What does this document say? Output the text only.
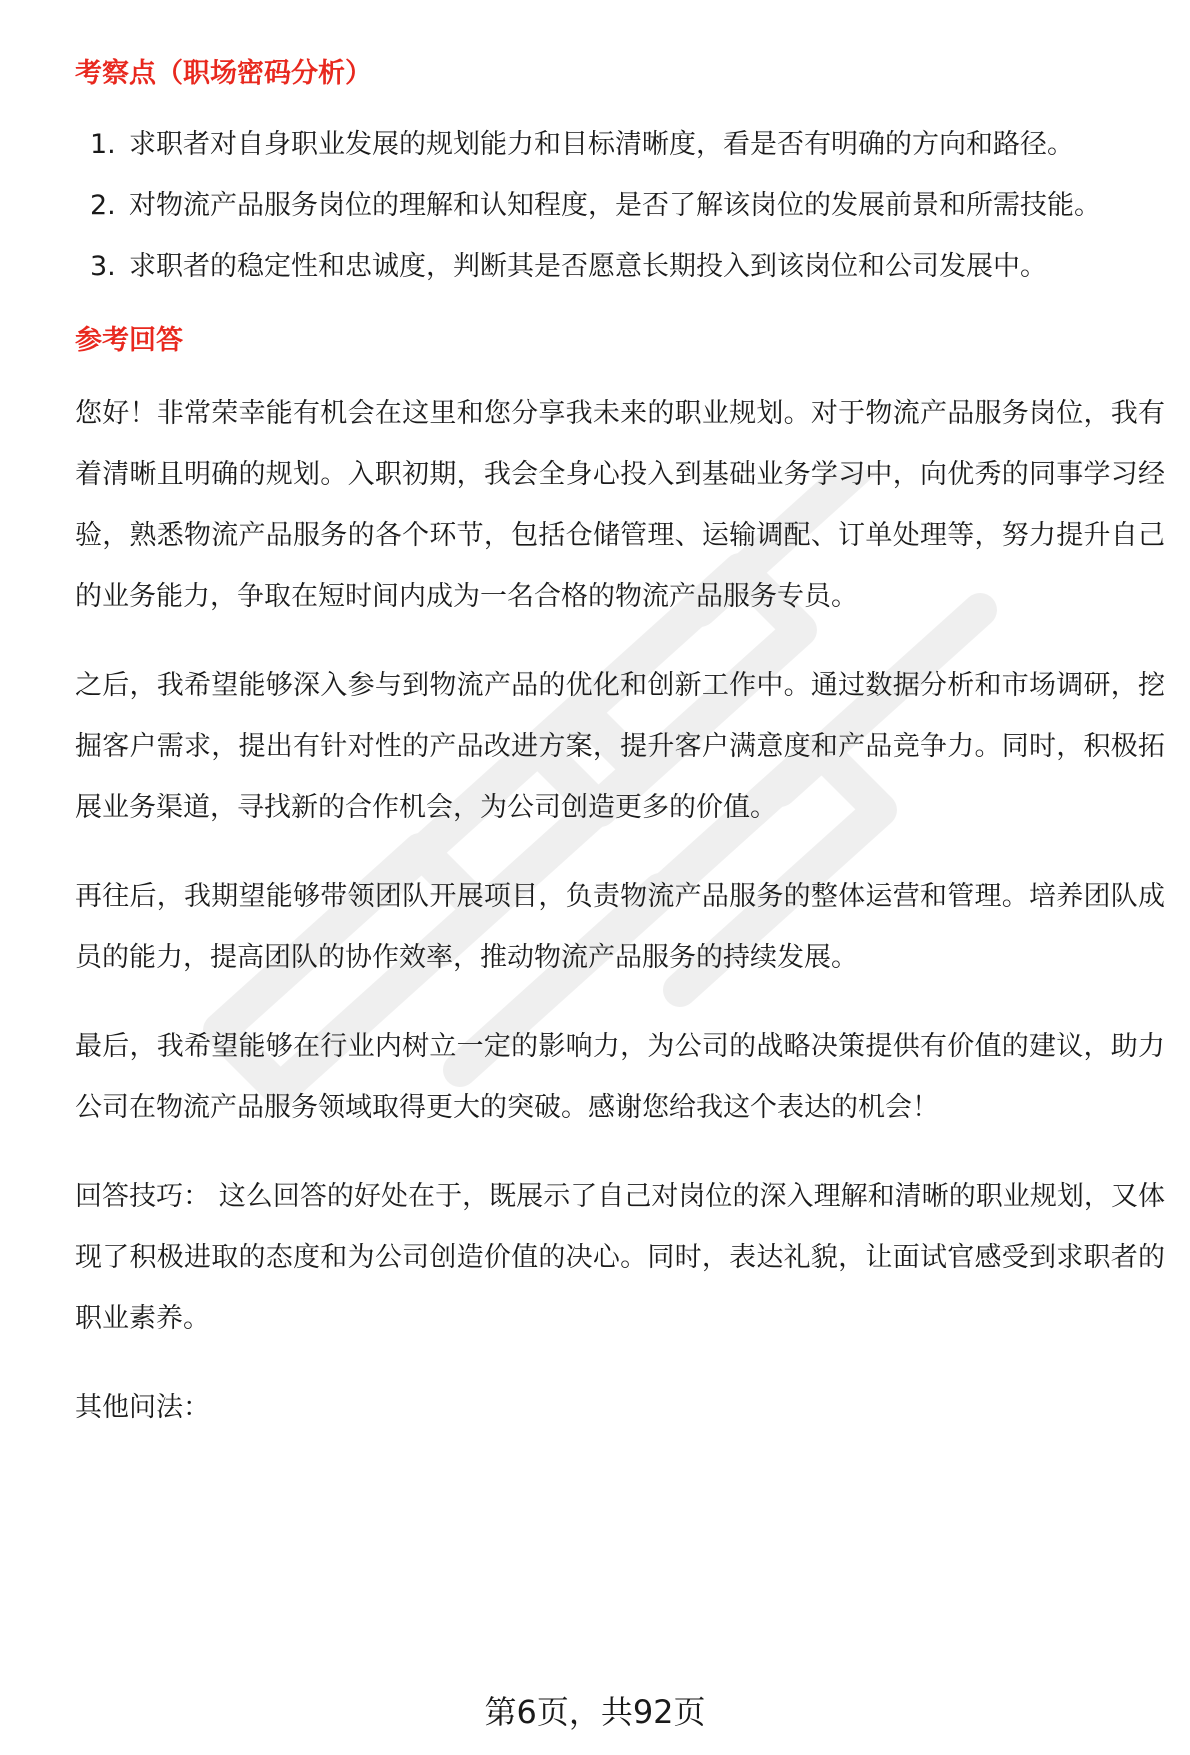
考察点（职场密码分析）
1. 求职者对自身职业发展的规划能力和目标清晰度，看是否有明确的方向和路径。
2. 对物流产品服务岗位的理解和认知程度，是否了解该岗位的发展前景和所需技能。
3. 求职者的稳定性和忠诚度，判断其是否愿意长期投入到该岗位和公司发展中。
参考回答

您好！非常荣幸能有机会在这里和您分享我未来的职业规划。对于物流产品服务岗位，我有着清晰且明确的规划。入职初期，我会全身心投入到基础业务学习中，向优秀的同事学习经验，熟悉物流产品服务的各个环节，包括仓储管理、运输调配、订单处理等，努力提升自己的业务能力，争取在短时间内成为一名合格的物流产品服务专员。

之后，我希望能够深入参与到物流产品的优化和创新工作中。通过数据分析和市场调研，挖掘客户需求，提出有针对性的产品改进方案，提升客户满意度和产品竞争力。同时，积极拓展业务渠道，寻找新的合作机会，为公司创造更多的价值。

再往后，我期望能够带领团队开展项目，负责物流产品服务的整体运营和管理。培养团队成员的能力，提高团队的协作效率，推动物流产品服务的持续发展。

最后，我希望能够在行业内树立一定的影响力，为公司的战略决策提供有价值的建议，助力公司在物流产品服务领域取得更大的突破。感谢您给我这个表达的机会！

回答技巧： 这么回答的好处在于，既展示了自己对岗位的深入理解和清晰的职业规划，又体现了积极进取的态度和为公司创造价值的决心。同时，表达礼貌，让面试官感受到求职者的职业素养。

其他问法：

第6页，共92页
